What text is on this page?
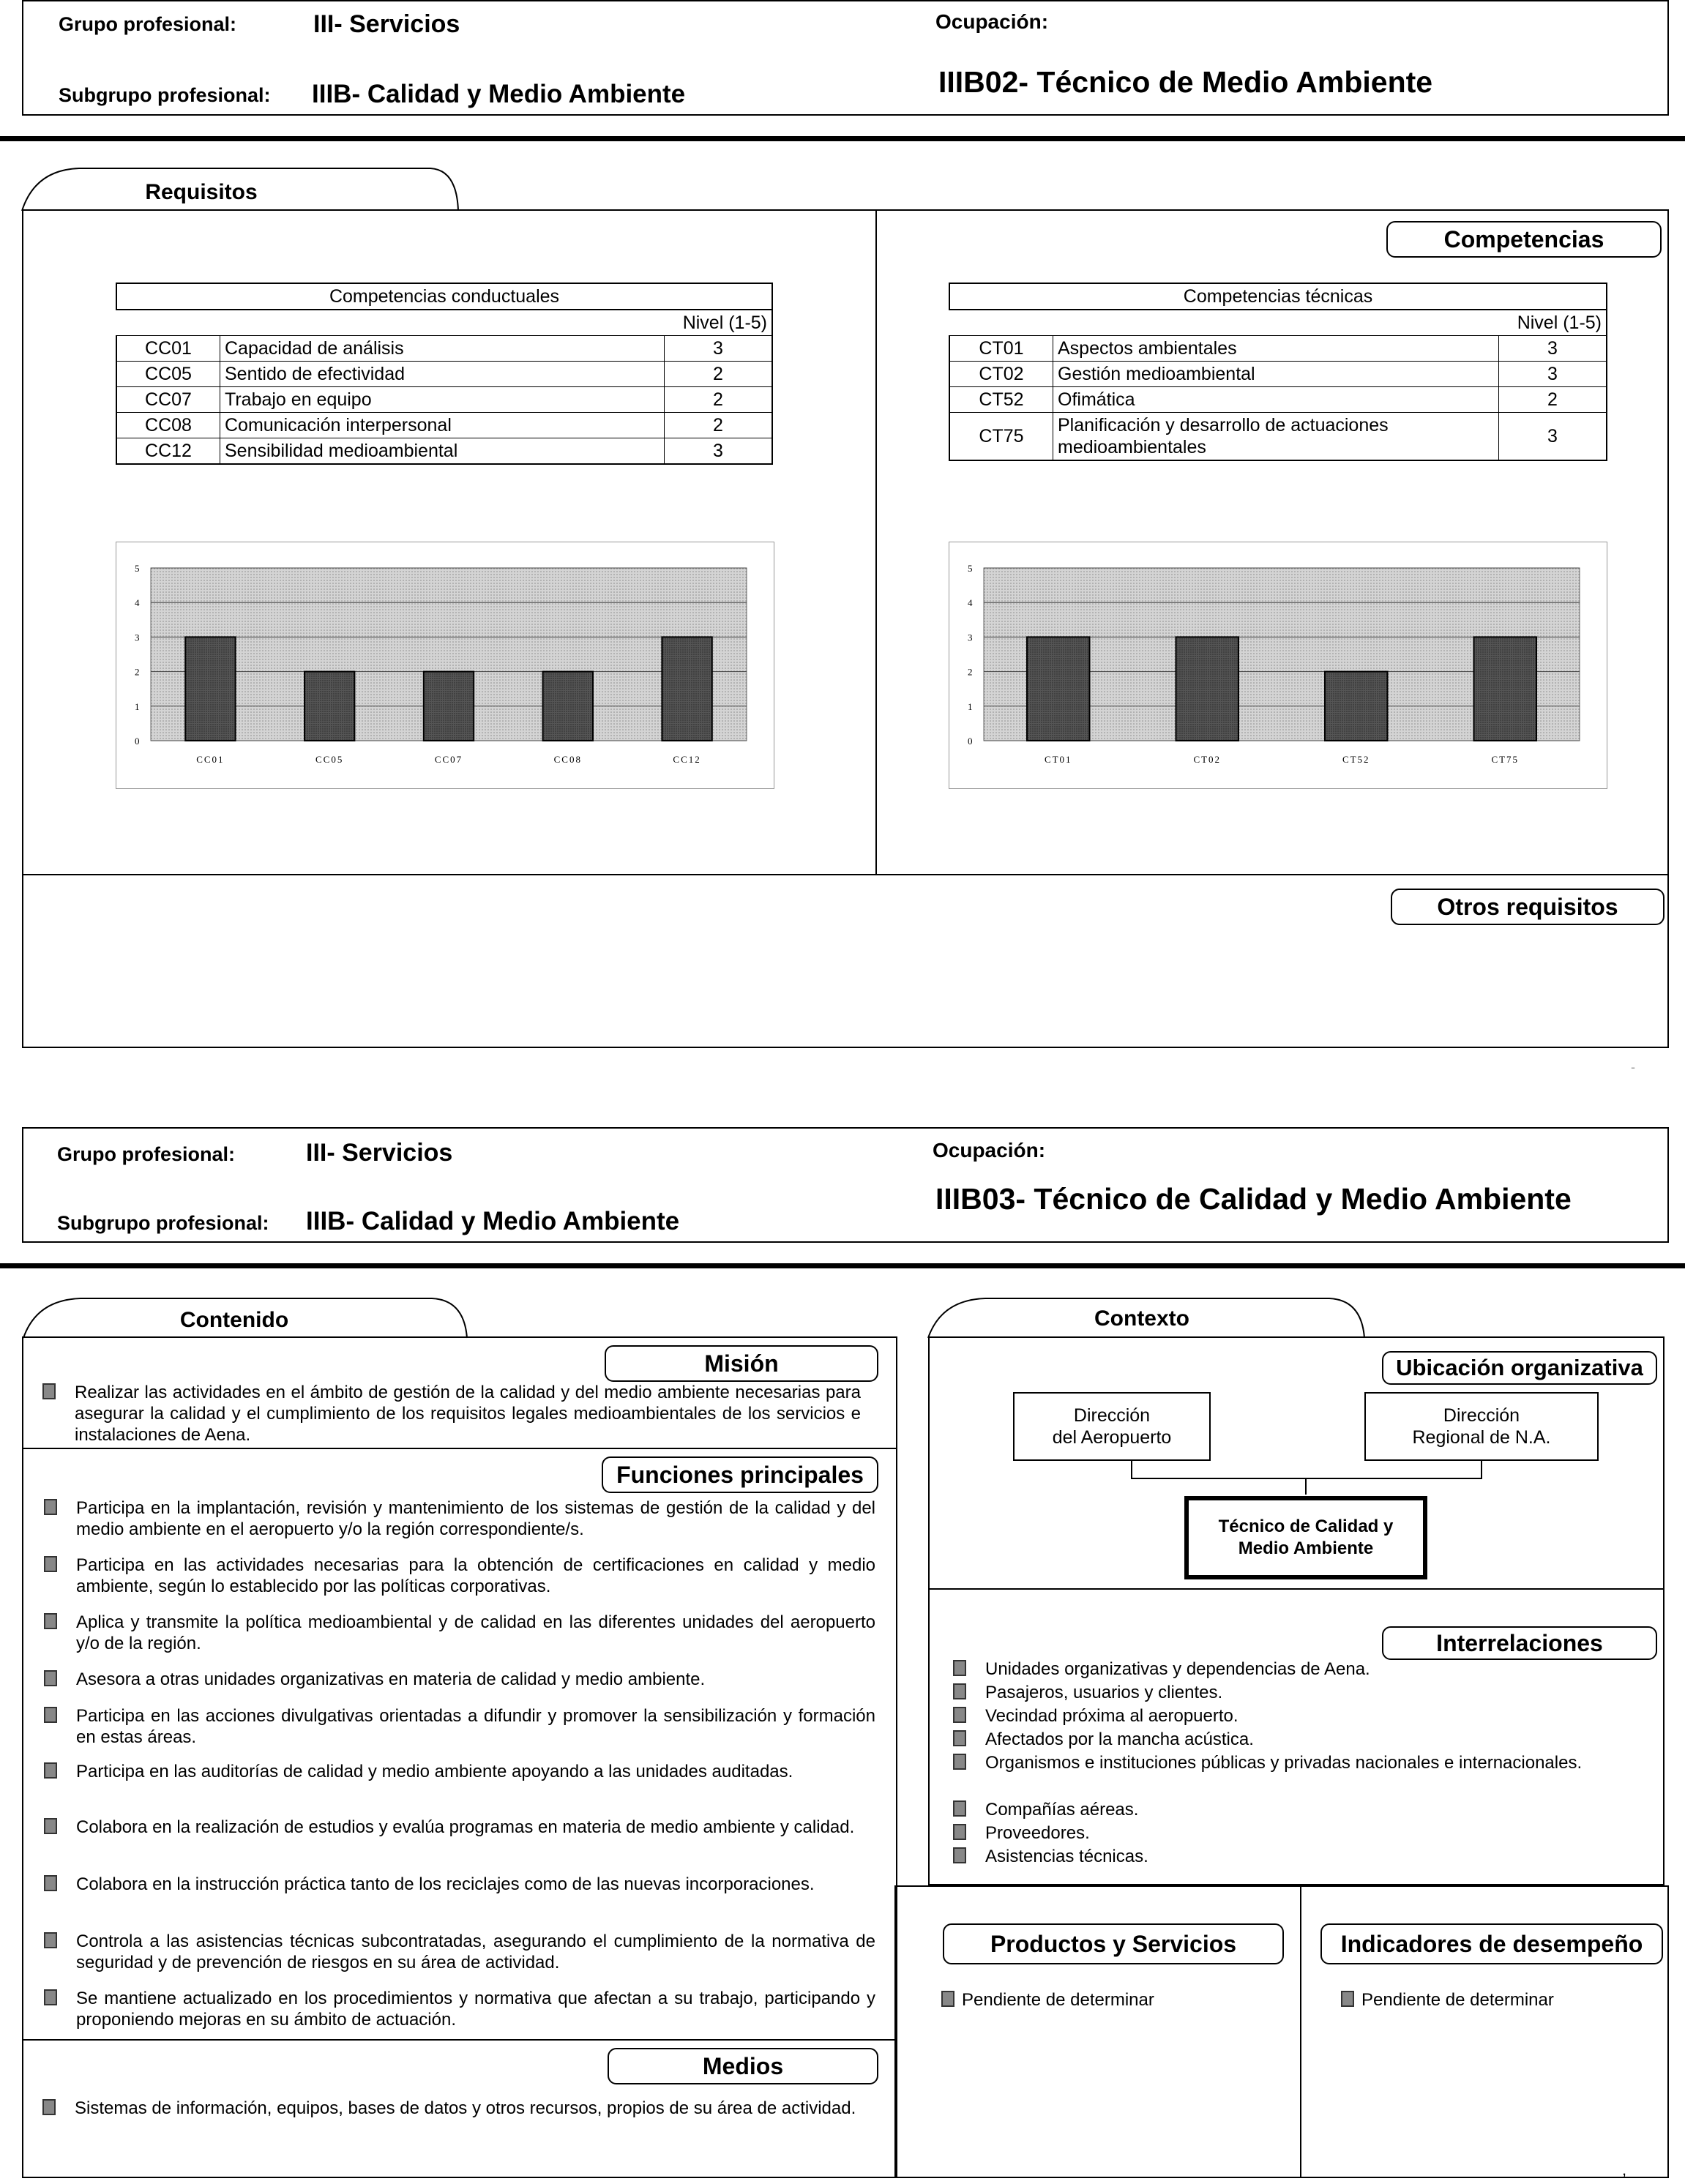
Grupo profesional:	III- Servicios
Subgrupo profesional: IIIB- Calidad y Medio Ambiente
Ocupación:
IIIB02- Técnico de Medio Ambiente
Requisitos
Competencias
Competencias conductuales		
Nivel (1-5)		
CC01	Capacidad de análisis	3
CC05	Sentido de efectividad	2
CC07	Trabajo en equipo	2
CC08	Comunicación interpersonal	2
CC12	Sensibilidad medioambiental	3
Competencias técnicas		
Nivel (1-5)		
CT01	Aspectos ambientales	3
CT02	Gestión medioambiental	3
CT52	Ofimática	2
CT75	Planificación y desarrollo de actuaciones
medioambientales	3
0
1
2
3
4
5
CC01	CC05	CC07	CC08	CC12
0
1
2
3
4
5
CT01	CT02	CT52	CT75
Otros requisitos
-
Grupo profesional:	III- Servicios
Subgrupo profesional: IIIB- Calidad y Medio Ambiente
Ocupación:
IIIB03- Técnico de Calidad y Medio Ambiente
Contenido
Misión
Realizar las actividades en el ámbito de gestión de la calidad y del medio ambiente necesarias para asegurar la calidad y el cumplimiento de los requisitos legales medioambientales de los servicios e instalaciones de Aena.
Funciones principales
Participa en la implantación, revisión y mantenimiento de los sistemas de gestión de la calidad y del medio ambiente en el aeropuerto y/o la región correspondiente/s.
Participa en las actividades necesarias para la obtención de certificaciones en calidad y medio ambiente, según lo establecido por las políticas corporativas.
Aplica y transmite la política medioambiental y de calidad en las diferentes unidades del aeropuerto y/o de la región.
Asesora a otras unidades organizativas en materia de calidad y medio ambiente.
Participa en las acciones divulgativas orientadas a difundir y promover la sensibilización y formación en estas áreas.
Participa en las auditorías de calidad y medio ambiente apoyando a las unidades auditadas.
Colabora en la realización de estudios y evalúa programas en materia de medio ambiente y calidad.
Colabora en la instrucción práctica tanto de los reciclajes como de las nuevas incorporaciones.
Controla a las asistencias técnicas subcontratadas, asegurando el cumplimiento de la normativa de seguridad y de prevención de riesgos en su área de actividad.
Se mantiene actualizado en los procedimientos y normativa que afectan a su trabajo, participando y proponiendo mejoras en su ámbito de actuación.
Medios
Sistemas de información, equipos, bases de datos y otros recursos, propios de su área de actividad.
Contexto
Ubicación organizativa
Dirección
del Aeropuerto
Dirección
Regional de N.A.
Técnico de Calidad y
Medio Ambiente
Interrelaciones
Unidades organizativas y dependencias de Aena.
Pasajeros, usuarios y clientes.
Vecindad próxima al aeropuerto.
Afectados por la mancha acústica.
Organismos e instituciones públicas y privadas nacionales e internacionales.
Compañías aéreas.
Proveedores.
Asistencias técnicas.
Productos y Servicios	Indicadores de desempeño
Pendiente de determinar	Pendiente de determinar
,
